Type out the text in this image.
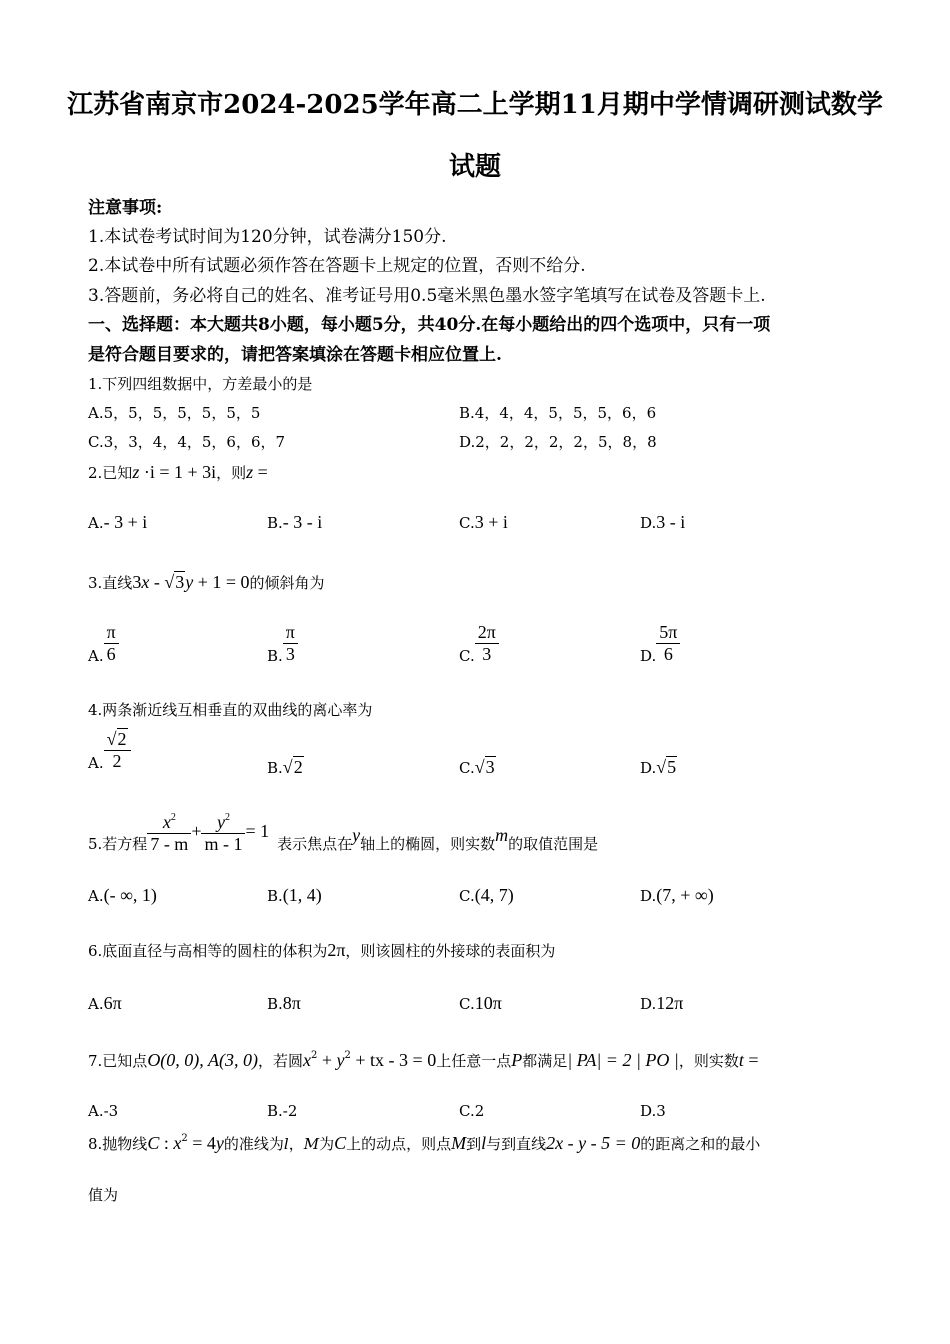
江苏省南京市2024-2025学年高二上学期11月期中学情调研测试数学
试题
注意事项:
1.本试卷考试时间为120分钟，试卷满分150分.
2.本试卷中所有试题必须作答在答题卡上规定的位置，否则不给分.
3.答题前，务必将自己的姓名、准考证号用0.5毫米黑色墨水签字笔填写在试卷及答题卡上.
一、选择题：本大题共8小题，每小题5分，共40分.在每小题给出的四个选项中，只有一项
是符合题目要求的，请把答案填涂在答题卡相应位置上.
1.下列四组数据中，方差最小的是
A.5，5，5，5，5，5，5	B.4，4，4，5，5，5，6，6
C.3，3，4，4，5，6，6，7	D.2，2，2，2，2，5，8，8
2.已知z ·i = 1 + 3i，则z =
A.- 3 + i	B.- 3 - i	C.3 + i	D.3 - i
3.直线3x - √3y + 1 = 0的倾斜角为
A. $\frac{\pi}{6}$	B. $\frac{\pi}{3}$	C. $\frac{2\pi}{3}$	D. $\frac{5\pi}{6}$
4.两条渐近线互相垂直的双曲线的离心率为
A. $\frac{√2}{2}$	B.√2	C.√3	D.√5
5.若方程 $\frac{x^2}{7 - m} + \frac{y^2}{m - 1} = 1$表示焦点在y轴上的椭圆，则实数m的取值范围是
A.(- ∞, 1)	B.(1, 4)	C.(4, 7)	D.(7, + ∞)
6.底面直径与高相等的圆柱的体积为2π，则该圆柱的外接球的表面积为
A.6π	B.8π	C.10π	D.12π
7.已知点O(0, 0), A(3, 0)，若圆$x^2 + y^2$ + tx - 3 = 0上任意一点P都满足| PA| = 2 | PO |，则实数t =
A.-3	B.-2	C.2	D.3
8.抛物线C : $x^2 = 4y$的准线为l，M为C上的动点，则点M到l与到直线2x - y - 5 = 0的距离之和的最小
值为
